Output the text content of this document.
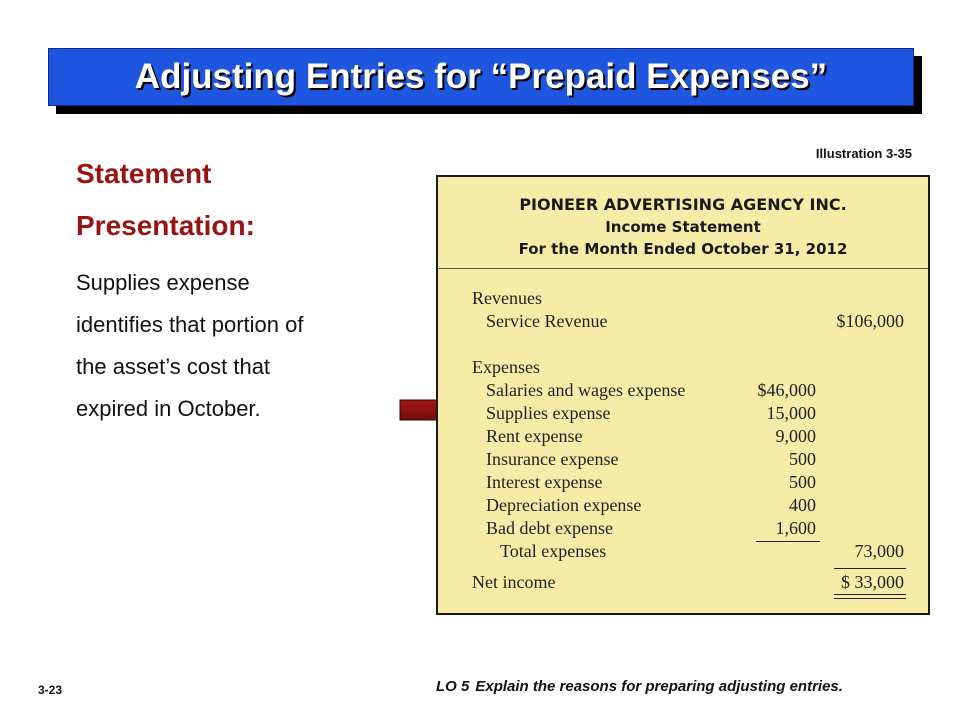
Adjusting Entries for “Prepaid Expenses”
Statement
Presentation:
Supplies expense
identifies that portion of
the asset’s cost that
expired in October.
Illustration 3-35
PIONEER ADVERTISING AGENCY INC.
Income Statement
For the Month Ended October 31, 2012
Revenues
Service Revenue	$106,000
Expenses
Salaries and wages expense	$46,000
Supplies expense	15,000
Rent expense	9,000
Insurance expense	500
Interest expense	500
Depreciation expense	400
Bad debt expense	1,600
Total expenses	73,000
Net income	$ 33,000
3-23	LO 5 Explain the reasons for preparing adjusting entries.
